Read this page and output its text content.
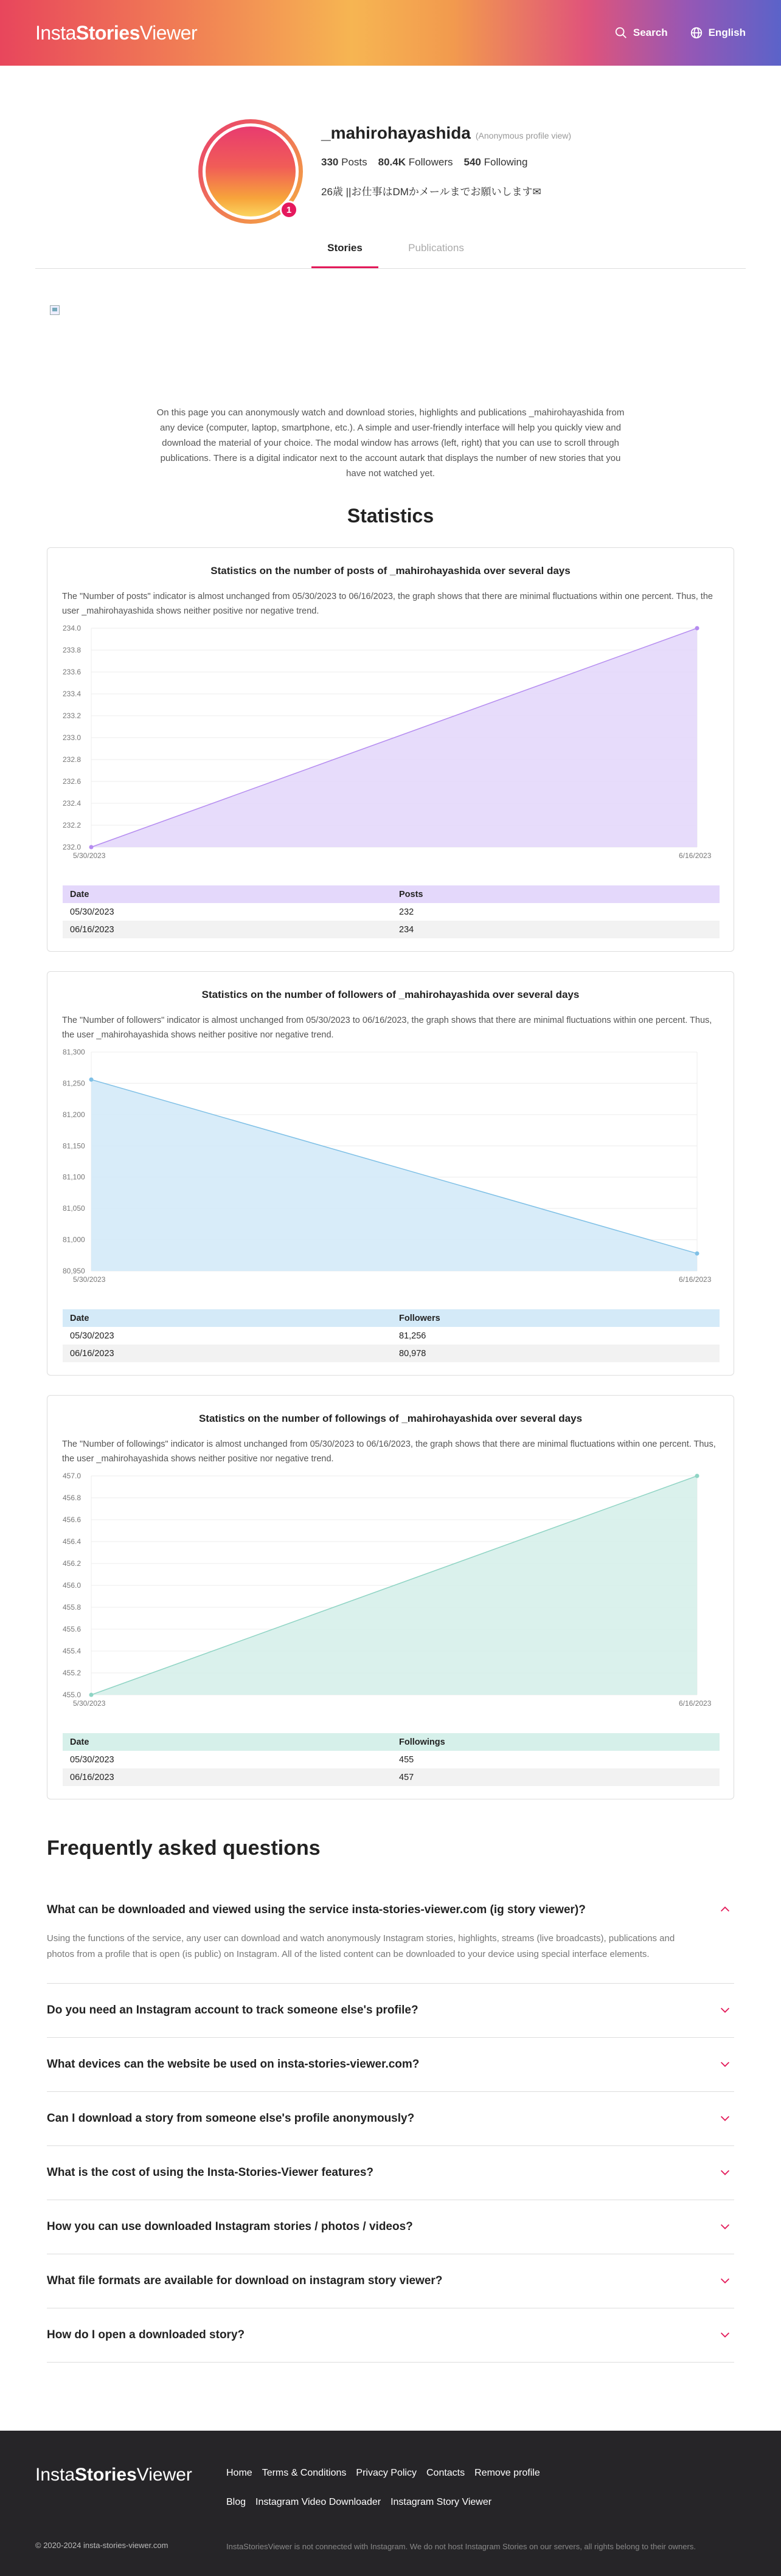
InstaStoriesViewer	Search	English
1
_mahirohayashida (Anonymous profile view)
330 Posts 80.4K Followers 540 Following
26歳 ||お仕事はDMかメールまでお願いします✉
Stories	Publications
On this page you can anonymously watch and download stories, highlights and publications _mahirohayashida from any device (computer, laptop, smartphone, etc.). A simple and user-friendly interface will help you quickly view and download the material of your choice. The modal window has arrows (left, right) that you can use to scroll through publications. There is a digital indicator next to the account autark that displays the number of new stories that you have not watched yet.
Statistics
Statistics on the number of posts of _mahirohayashida over several days

The "Number of posts" indicator is almost unchanged from 05/30/2023 to 06/16/2023, the graph shows that there are minimal fluctuations within one percent. Thus, the user _mahirohayashida shows neither positive nor negative trend.

234.0
233.8
233.6
233.4
233.2
233.0
232.8
232.6
232.4
232.2
232.0
5/30/2023	6/16/2023
Date	Posts
05/30/2023	232
06/16/2023	234
Statistics on the number of followers of _mahirohayashida over several days

The "Number of followers" indicator is almost unchanged from 05/30/2023 to 06/16/2023, the graph shows that there are minimal fluctuations within one percent. Thus, the user _mahirohayashida shows neither positive nor negative trend.

81,300
81,250
81,200
81,150
81,100
81,050
81,000
80,950
5/30/2023	6/16/2023
Date	Followers
05/30/2023	81,256
06/16/2023	80,978
Statistics on the number of followings of _mahirohayashida over several days

The "Number of followings" indicator is almost unchanged from 05/30/2023 to 06/16/2023, the graph shows that there are minimal fluctuations within one percent. Thus, the user _mahirohayashida shows neither positive nor negative trend.

457.0
456.8
456.6
456.4
456.2
456.0
455.8
455.6
455.4
455.2
455.0
5/30/2023	6/16/2023
Date	Followings
05/30/2023	455
06/16/2023	457
Frequently asked questions
What can be downloaded and viewed using the service insta-stories-viewer.com (ig story viewer)?
Using the functions of the service, any user can download and watch anonymously Instagram stories, highlights, streams (live broadcasts), publications and photos from a profile that is open (is public) on Instagram. All of the listed content can be downloaded to your device using special interface elements.
Do you need an Instagram account to track someone else's profile?
What devices can the website be used on insta-stories-viewer.com?
Can I download a story from someone else's profile anonymously?
What is the cost of using the Insta-Stories-Viewer features?
How you can use downloaded Instagram stories / photos / videos?
What file formats are available for download on instagram story viewer?
How do I open a downloaded story?
InstaStoriesViewer	Home Terms & Conditions Privacy Policy Contacts Remove profile
Blog Instagram Video Downloader Instagram Story Viewer
© 2020-2024 insta-stories-viewer.com	InstaStoriesViewer is not connected with Instagram. We do not host Instagram Stories on our servers, all rights belong to their owners.
